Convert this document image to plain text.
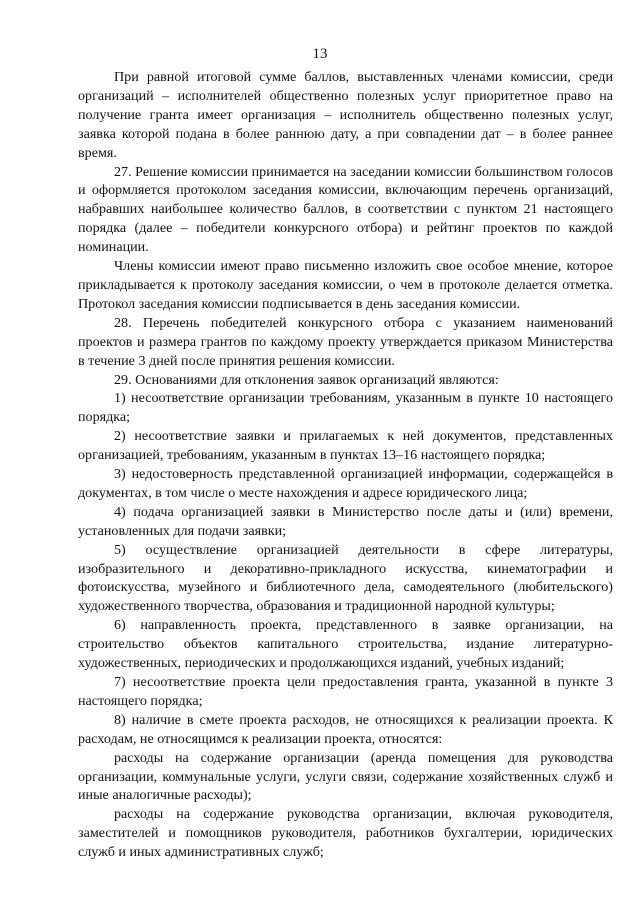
13

При равной итоговой сумме баллов, выставленных членами комиссии, среди организаций – исполнителей общественно полезных услуг приоритетное право на получение гранта имеет организация – исполнитель общественно полезных услуг, заявка которой подана в более раннюю дату, а при совпадении дат – в более раннее время.

27. Решение комиссии принимается на заседании комиссии большинством голосов и оформляется протоколом заседания комиссии, включающим перечень организаций, набравших наибольшее количество баллов, в соответствии с пунктом 21 настоящего порядка (далее – победители конкурсного отбора) и рейтинг проектов по каждой номинации.

Члены комиссии имеют право письменно изложить свое особое мнение, которое прикладывается к протоколу заседания комиссии, о чем в протоколе делается отметка. Протокол заседания комиссии подписывается в день заседания комиссии.

28. Перечень победителей конкурсного отбора с указанием наименований проектов и размера грантов по каждому проекту утверждается приказом Министерства в течение 3 дней после принятия решения комиссии.

29. Основаниями для отклонения заявок организаций являются:

1) несоответствие организации требованиям, указанным в пункте 10 настоящего порядка;

2) несоответствие заявки и прилагаемых к ней документов, представленных организацией, требованиям, указанным в пунктах 13–16 настоящего порядка;

3) недостоверность представленной организацией информации, содержащейся в документах, в том числе о месте нахождения и адресе юридического лица;

4) подача организацией заявки в Министерство после даты и (или) времени, установленных для подачи заявки;

5) осуществление организацией деятельности в сфере литературы, изобразительного и декоративно-прикладного искусства, кинематографии и фотоискусства, музейного и библиотечного дела, самодеятельного (любительского) художественного творчества, образования и традиционной народной культуры;

6) направленность проекта, представленного в заявке организации, на строительство объектов капитального строительства, издание литературно-художественных, периодических и продолжающихся изданий, учебных изданий;

7) несоответствие проекта цели предоставления гранта, указанной в пункте 3 настоящего порядка;

8) наличие в смете проекта расходов, не относящихся к реализации проекта. К расходам, не относящимся к реализации проекта, относятся:

расходы на содержание организации (аренда помещения для руководства организации, коммунальные услуги, услуги связи, содержание хозяйственных служб и иные аналогичные расходы);

расходы на содержание руководства организации, включая руководителя, заместителей и помощников руководителя, работников бухгалтерии, юридических служб и иных административных служб;
